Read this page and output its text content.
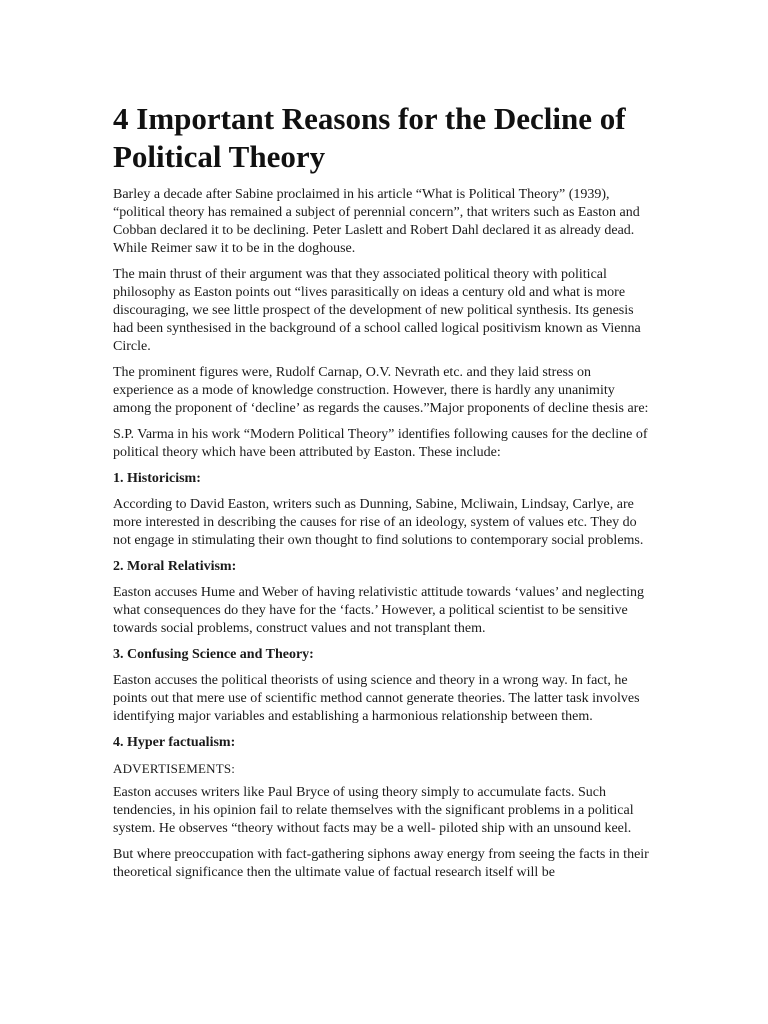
4 Important Reasons for the Decline of Political Theory

Barley a decade after Sabine proclaimed in his article “What is Political Theory” (1939), “political theory has remained a subject of perennial concern”, that writers such as Easton and Cobban declared it to be declining. Peter Laslett and Robert Dahl declared it as already dead. While Reimer saw it to be in the doghouse.

The main thrust of their argument was that they associated political theory with political philosophy as Easton points out “lives parasitically on ideas a century old and what is more discouraging, we see little prospect of the development of new political synthesis. Its genesis had been synthesised in the background of a school called logical positivism known as Vienna Circle.

The prominent figures were, Rudolf Carnap, O.V. Nevrath etc. and they laid stress on experience as a mode of knowledge construction. However, there is hardly any unanimity among the proponent of ‘decline’ as regards the causes.”Major proponents of decline thesis are:

S.P. Varma in his work “Modern Political Theory” identifies following causes for the decline of political theory which have been attributed by Easton. These include:

1. Historicism:

According to David Easton, writers such as Dunning, Sabine, Mcliwain, Lindsay, Carlye, are more interested in describing the causes for rise of an ideology, system of values etc. They do not engage in stimulating their own thought to find solutions to contemporary social problems.

2. Moral Relativism:

Easton accuses Hume and Weber of having relativistic attitude towards ‘values’ and neglecting what consequences do they have for the ‘facts.’ However, a political scientist to be sensitive towards social problems, construct values and not transplant them.

3. Confusing Science and Theory:

Easton accuses the political theorists of using science and theory in a wrong way. In fact, he points out that mere use of scientific method cannot generate theories. The latter task involves identifying major variables and establishing a harmonious relationship between them.

4. Hyper factualism:
ADVERTISEMENTS:

Easton accuses writers like Paul Bryce of using theory simply to accumulate facts. Such tendencies, in his opinion fail to relate themselves with the significant problems in a political system. He observes “theory without facts may be a well- piloted ship with an unsound keel.

But where preoccupation with fact-gathering siphons away energy from seeing the facts in their theoretical significance then the ultimate value of factual research itself will be
